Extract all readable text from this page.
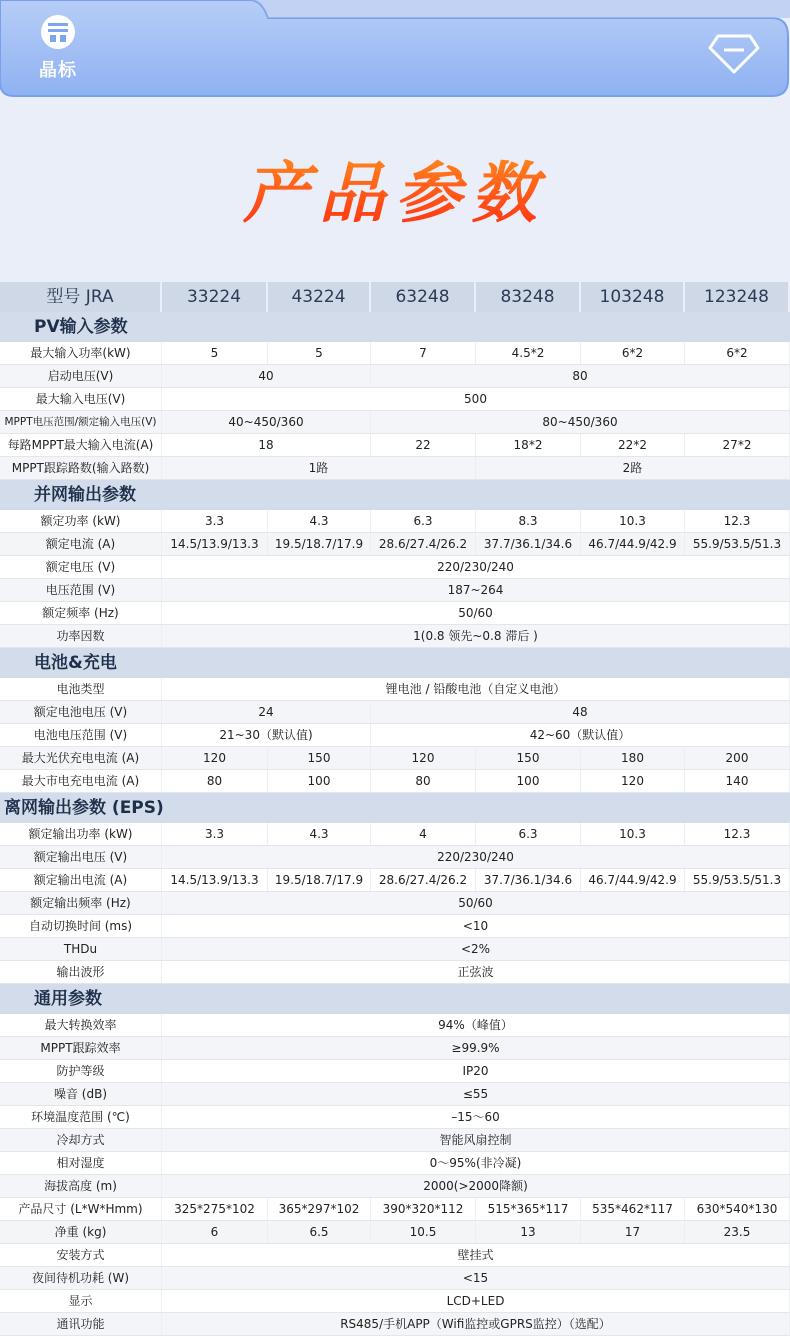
晶标
产品参数
型号 JRA	33224	43224	63248	83248	103248	123248
PV输入参数
最大输入功率(kW)	5	5	7	4.5*2	6*2	6*2
启动电压(V)	40	80
最大输入电压(V)	500
MPPT电压范围/额定输入电压(V)	40~450/360	80~450/360
每路MPPT最大输入电流(A)	18	22	18*2	22*2	27*2
MPPT跟踪路数(输入路数)	1路	2路
并网输出参数
额定功率 (kW)	3.3	4.3	6.3	8.3	10.3	12.3
额定电流 (A)	14.5/13.9/13.3	19.5/18.7/17.9	28.6/27.4/26.2	37.7/36.1/34.6	46.7/44.9/42.9	55.9/53.5/51.3
额定电压 (V)	220/230/240
电压范围 (V)	187~264
额定频率 (Hz)	50/60
功率因数	1(0.8 领先~0.8 滞后 )
电池&充电
电池类型	锂电池 / 铅酸电池（自定义电池）
额定电池电压 (V)	24	48
电池电压范围 (V)	21~30（默认值)	42~60（默认值）
最大光伏充电电流 (A)	120	150	120	150	180	200
最大市电充电电流 (A)	80	100	80	100	120	140
离网输出参数 (EPS)
额定输出功率 (kW)	3.3	4.3	4	6.3	10.3	12.3
额定输出电压 (V)	220/230/240
额定输出电流 (A)	14.5/13.9/13.3	19.5/18.7/17.9	28.6/27.4/26.2	37.7/36.1/34.6	46.7/44.9/42.9	55.9/53.5/51.3
额定输出频率 (Hz)	50/60
自动切换时间 (ms)	<10
THDu	<2%
输出波形	正弦波
通用参数
最大转换效率	94%（峰值）
MPPT跟踪效率	≥99.9%
防护等级	IP20
噪音 (dB)	≤55
环境温度范围 (℃)	–15～60
冷却方式	智能风扇控制
相对湿度	0～95%(非冷凝)
海拔高度 (m)	2000(>2000降额)
产品尺寸 (L*W*Hmm)	325*275*102	365*297*102	390*320*112	515*365*117	535*462*117	630*540*130
净重 (kg)	6	6.5	10.5	13	17	23.5
安装方式	壁挂式
夜间待机功耗 (W)	<15
显示	LCD+LED
通讯功能	RS485/手机APP（Wifi监控或GPRS监控）（选配）
